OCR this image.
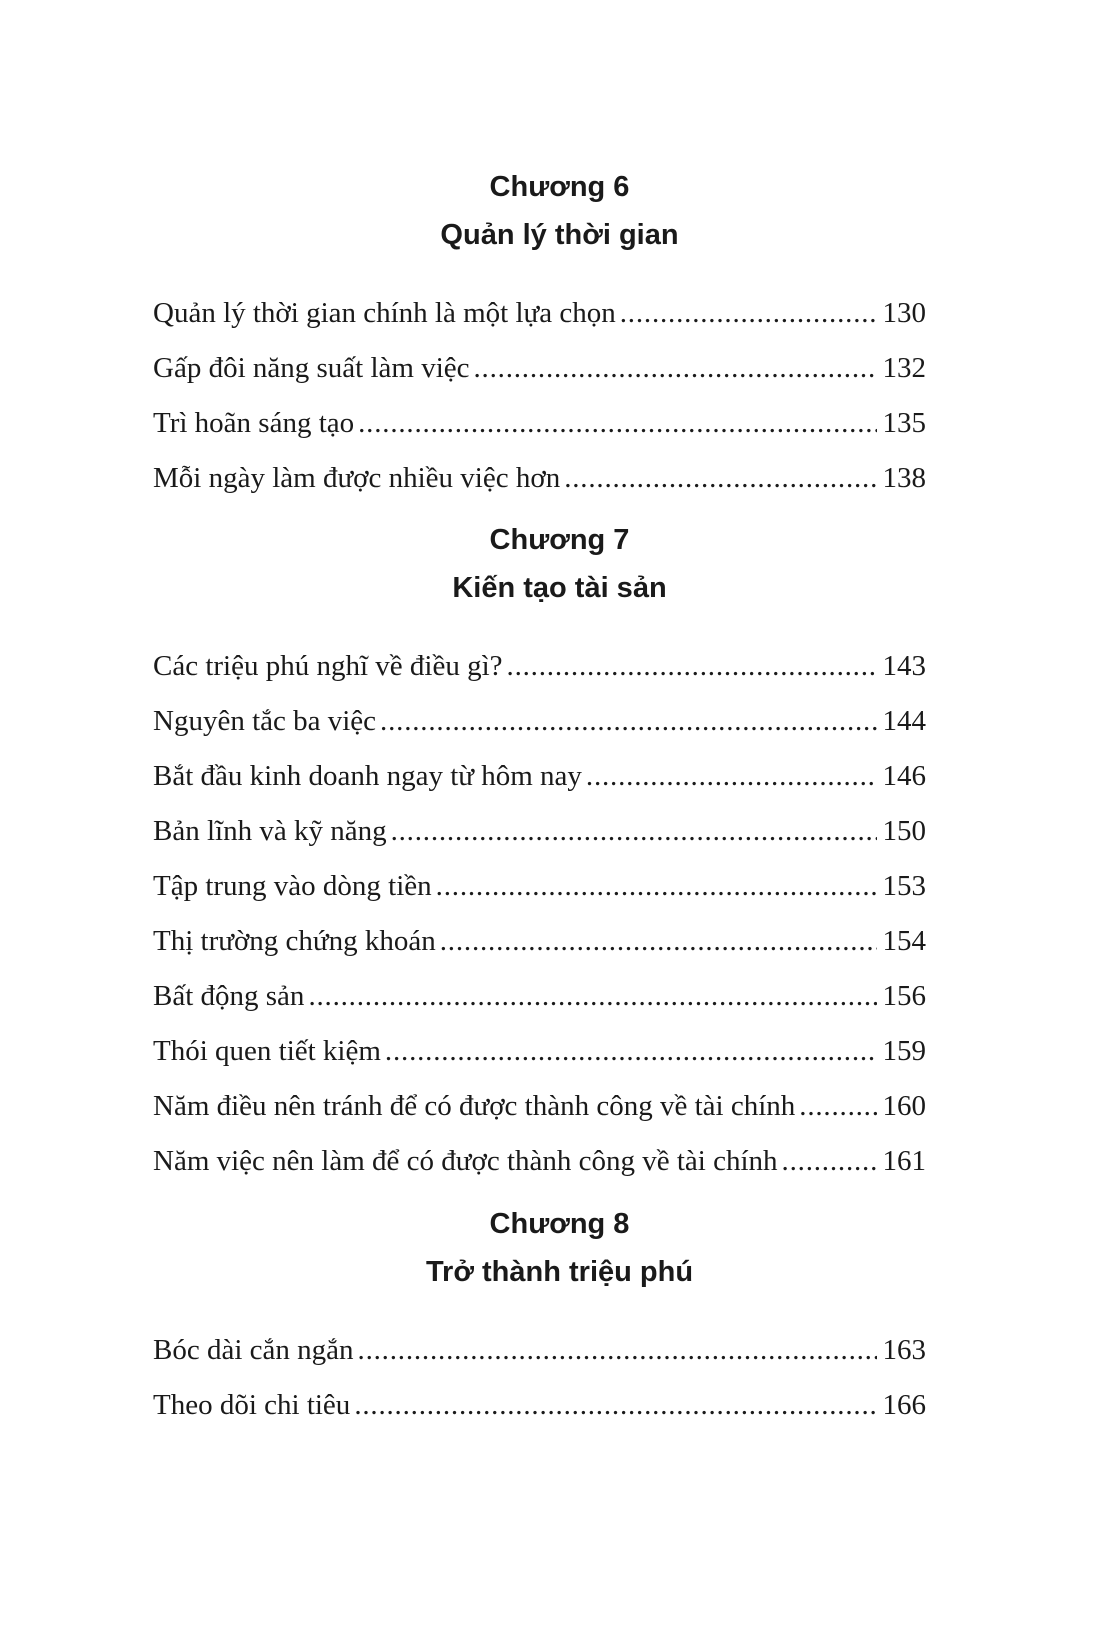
Chương 6
Quản lý thời gian
Quản lý thời gian chính là một lựa chọn .....	130
Gấp đôi năng suất làm việc .....	132
Trì hoãn sáng tạo .....	135
Mỗi ngày làm được nhiều việc hơn .....	138
Chương 7
Kiến tạo tài sản
Các triệu phú nghĩ về điều gì? .....	143
Nguyên tắc ba việc .....	144
Bắt đầu kinh doanh ngay từ hôm nay .....	146
Bản lĩnh và kỹ năng .....	150
Tập trung vào dòng tiền .....	153
Thị trường chứng khoán .....	154
Bất động sản .....	156
Thói quen tiết kiệm .....	159
Năm điều nên tránh để có được thành công về tài chính .....	160
Năm việc nên làm để có được thành công về tài chính .....	161
Chương 8
Trở thành triệu phú
Bóc dài cắn ngắn .....	163
Theo dõi chi tiêu .....	166
